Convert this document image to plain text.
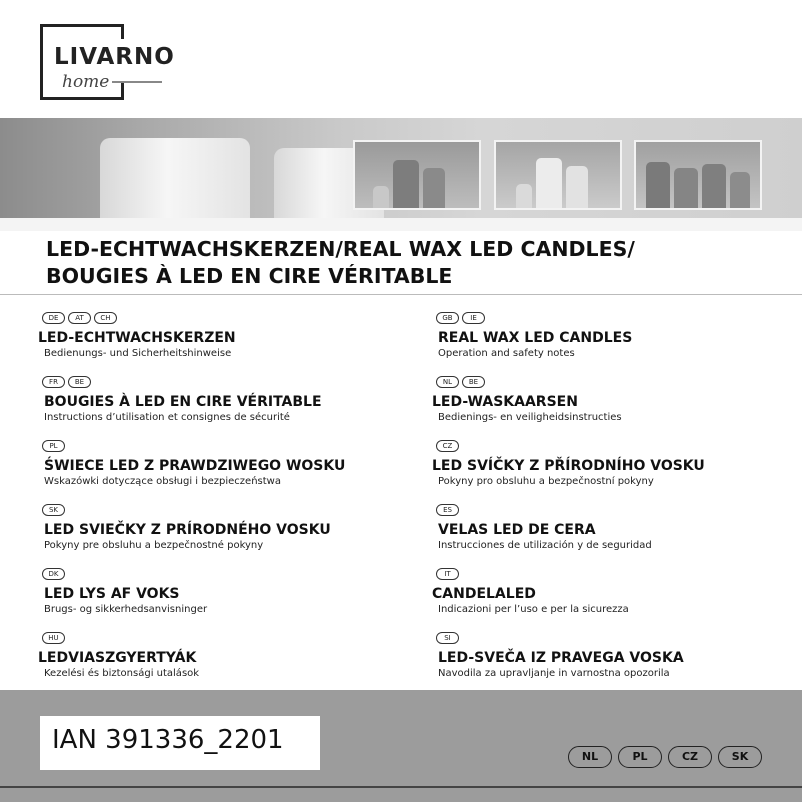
LIVARNO
home
LED-ECHTWACHSKERZEN/REAL WAX LED CANDLES/
BOUGIES À LED EN CIRE VÉRITABLE
DE	AT	CH
LED-ECHTWACHSKERZEN
Bedienungs- und Sicherheitshinweise
FR	BE
BOUGIES À LED EN CIRE VÉRITABLE
Instructions d’utilisation et consignes de sécurité
PL
ŚWIECE LED Z PRAWDZIWEGO WOSKU
Wskazówki dotyczące obsługi i bezpieczeństwa
SK
LED SVIEČKY Z PRÍRODNÉHO VOSKU
Pokyny pre obsluhu a bezpečnostné pokyny
DK
LED LYS AF VOKS
Brugs- og sikkerhedsanvisninger
HU
LEDVIASZGYERTYÁK
Kezelési és biztonsági utalások
GB	IE
REAL WAX LED CANDLES
Operation and safety notes
NL	BE
LED-WASKAARSEN
Bedienings- en veiligheidsinstructies
CZ
LED SVÍČKY Z PŘÍRODNÍHO VOSKU
Pokyny pro obsluhu a bezpečnostní pokyny
ES
VELAS LED DE CERA
Instrucciones de utilización y de seguridad
IT
CANDELALED
Indicazioni per l’uso e per la sicurezza
SI
LED-SVEČA IZ PRAVEGA VOSKA
Navodila za upravljanje in varnostna opozorila
IAN 391336_2201
NL	PL	CZ	SK
